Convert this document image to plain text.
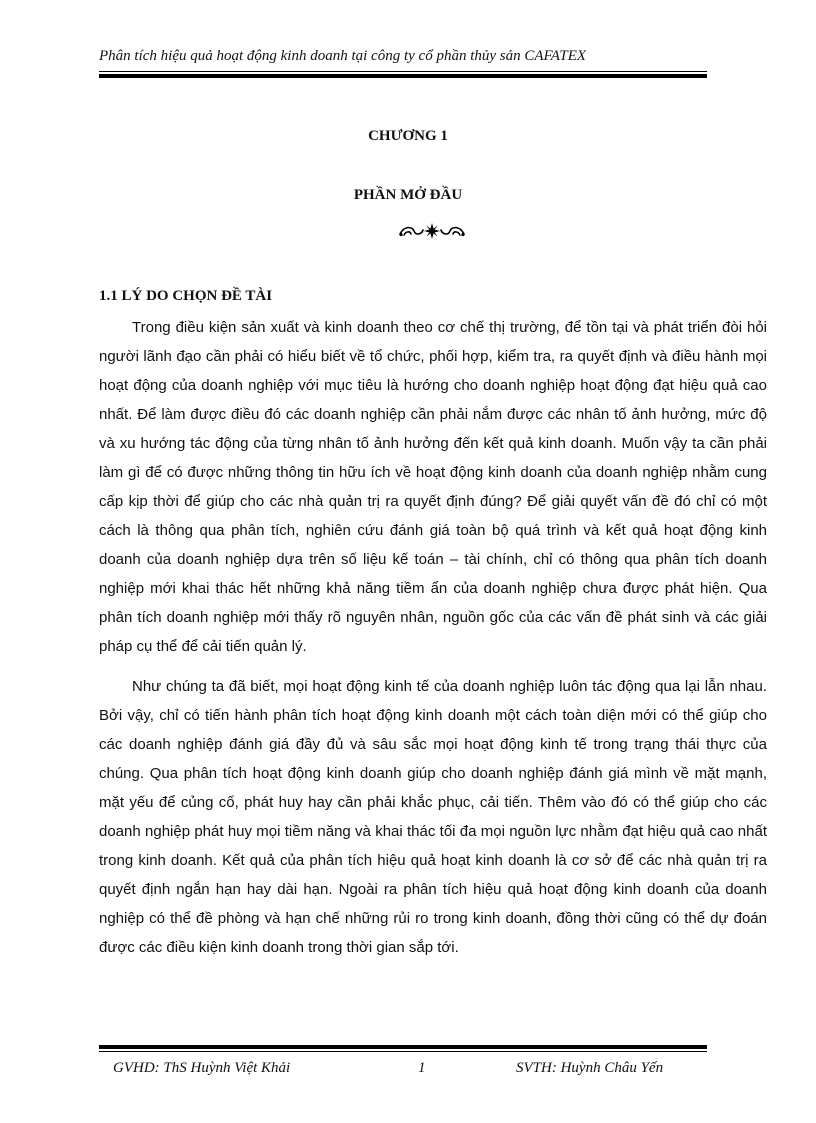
Phân tích hiệu quả hoạt động kinh doanh tại công ty cổ phần thủy sản CAFATEX
CHƯƠNG 1
PHẦN MỞ ĐẦU
1.1 LÝ DO CHỌN ĐỀ TÀI

Trong điều kiện sản xuất và kinh doanh theo cơ chế thị trường, để tồn tại và phát triển đòi hỏi người lãnh đạo cần phải có hiểu biết về tổ chức, phối hợp, kiểm tra, ra quyết định và điều hành mọi hoạt động của doanh nghiệp với mục tiêu là hướng cho doanh nghiệp hoạt động đạt hiệu quả cao nhất. Để làm được điều đó các doanh nghiệp cần phải nắm được các nhân tố ảnh hưởng, mức độ và xu hướng tác động của từng nhân tố ảnh hưởng đến kết quả kinh doanh. Muốn vậy ta cần phải làm gì để có được những thông tin hữu ích về hoạt động kinh doanh của doanh nghiệp nhằm cung cấp kịp thời để giúp cho các nhà quản trị ra quyết định đúng? Để giải quyết vấn đề đó chỉ có một cách là thông qua phân tích, nghiên cứu đánh giá toàn bộ quá trình và kết quả hoạt động kinh doanh của doanh nghiệp dựa trên số liệu kế toán – tài chính, chỉ có thông qua phân tích doanh nghiệp mới khai thác hết những khả năng tiềm ẩn của doanh nghiệp chưa được phát hiện. Qua phân tích doanh nghiệp mới thấy rõ nguyên nhân, nguồn gốc của các vấn đề phát sinh và các giải pháp cụ thể để cải tiến quản lý.

Như chúng ta đã biết, mọi hoạt động kinh tế của doanh nghiệp luôn tác động qua lại lẫn nhau. Bởi vậy, chỉ có tiến hành phân tích hoạt động kinh doanh một cách toàn diện mới có thể giúp cho các doanh nghiệp đánh giá đầy đủ và sâu sắc mọi hoạt động kinh tế trong trạng thái thực của chúng. Qua phân tích hoạt động kinh doanh giúp cho doanh nghiệp đánh giá mình về mặt mạnh, mặt yếu để củng cố, phát huy hay cần phải khắc phục, cải tiến. Thêm vào đó có thể giúp cho các doanh nghiệp phát huy mọi tiềm năng và khai thác tối đa mọi nguồn lực nhằm đạt hiệu quả cao nhất trong kinh doanh. Kết quả của phân tích hiệu quả hoạt kinh doanh là cơ sở để các nhà quản trị ra quyết định ngắn hạn hay dài hạn. Ngoài ra phân tích hiệu quả hoạt động kinh doanh của doanh nghiệp có thể đề phòng và hạn chế những rủi ro trong kinh doanh, đồng thời cũng có thể dự đoán được các điều kiện kinh doanh trong thời gian sắp tới.

GVHD: ThS Huỳnh Việt Khải	1	SVTH: Huỳnh Châu Yến
